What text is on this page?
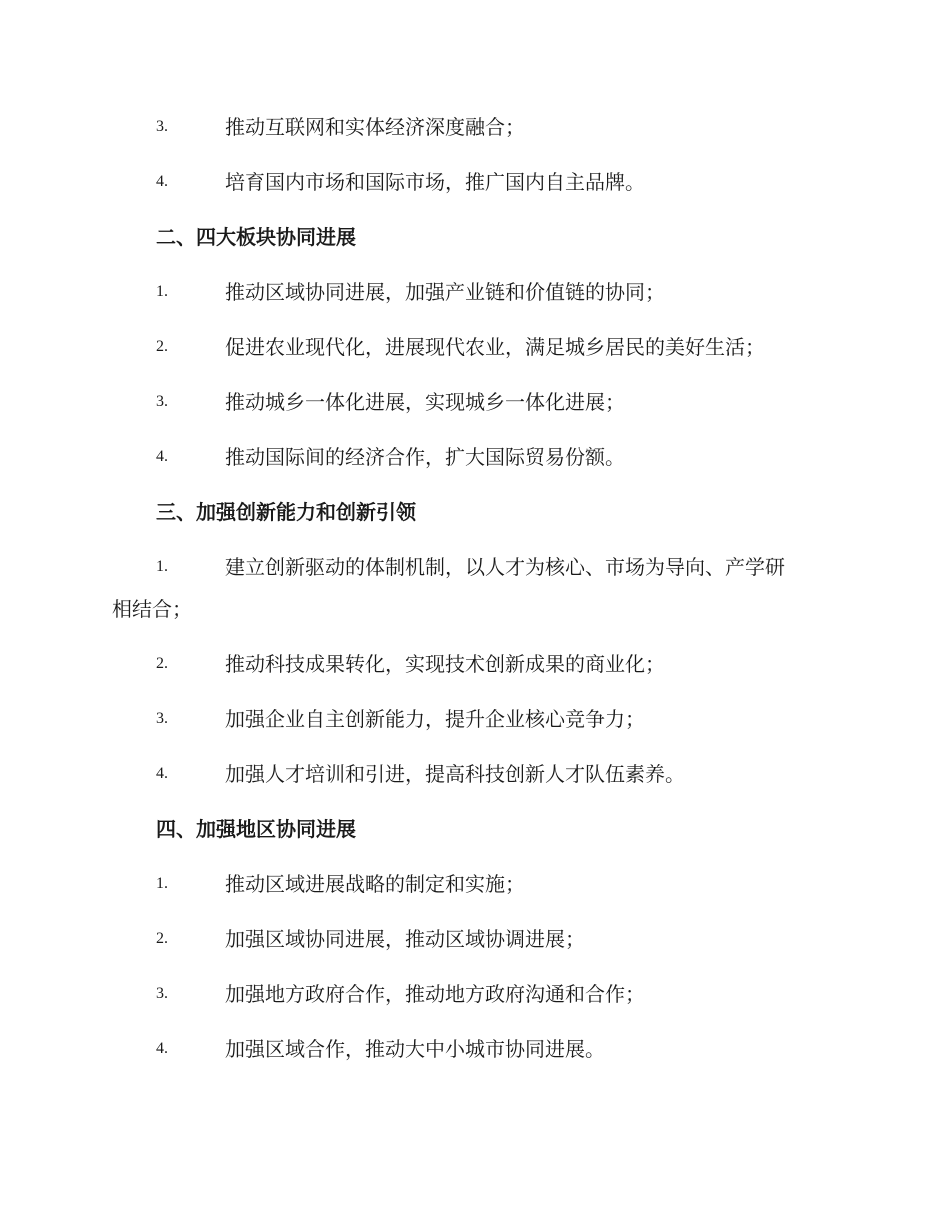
3.	推动互联网和实体经济深度融合；
4.	培育国内市场和国际市场，推广国内自主品牌。
二、四大板块协同进展
1.	推动区域协同进展，加强产业链和价值链的协同；
2.	促进农业现代化，进展现代农业，满足城乡居民的美好生活；
3.	推动城乡一体化进展，实现城乡一体化进展；
4.	推动国际间的经济合作，扩大国际贸易份额。
三、加强创新能力和创新引领
1.	建立创新驱动的体制机制，以人才为核心、市场为导向、产学研
相结合；
2.	推动科技成果转化，实现技术创新成果的商业化；
3.	加强企业自主创新能力，提升企业核心竞争力；
4.	加强人才培训和引进，提高科技创新人才队伍素养。
四、加强地区协同进展
1.	推动区域进展战略的制定和实施；
2.	加强区域协同进展，推动区域协调进展；
3.	加强地方政府合作，推动地方政府沟通和合作；
4.	加强区域合作，推动大中小城市协同进展。
